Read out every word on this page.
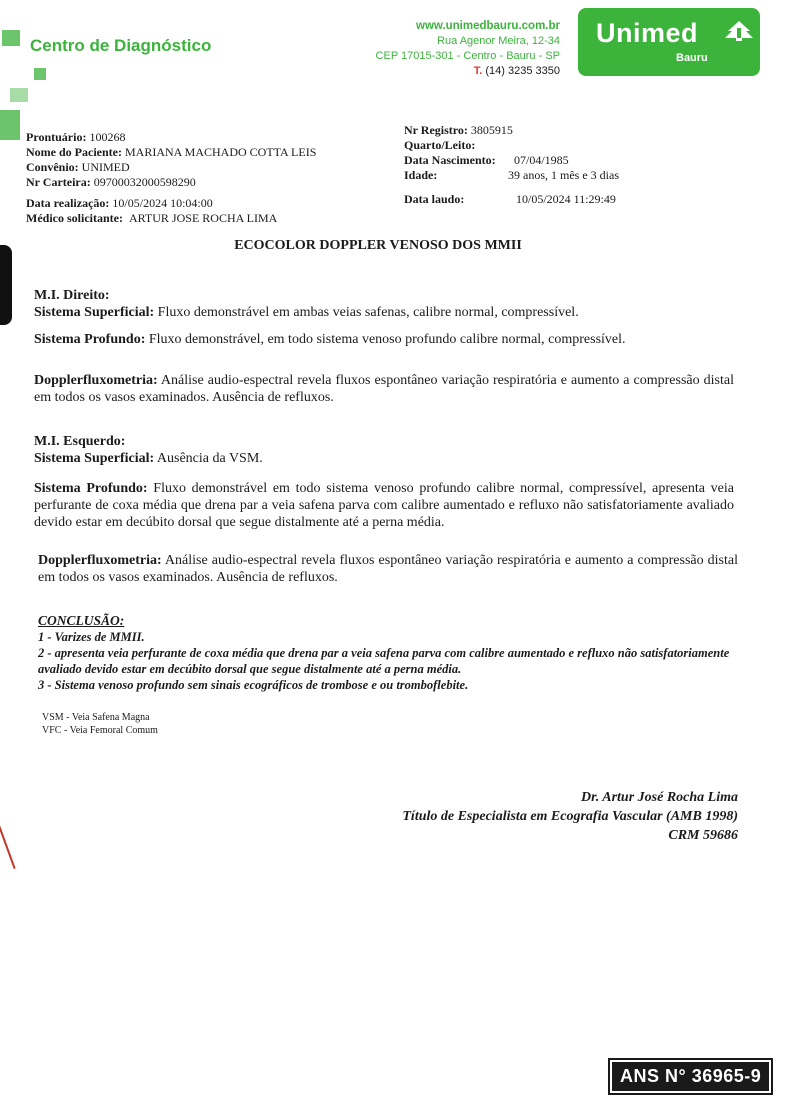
Centro de Diagnóstico
www.unimedbauru.com.br
Rua Agenor Meira, 12-34
CEP 17015-301 - Centro - Bauru - SP
T. (14) 3235 3350
Unimed
Bauru
Prontuário: 100268
Nome do Paciente: MARIANA MACHADO COTTA LEIS
Convênio: UNIMED
Nr Carteira: 09700032000598290
Data realização: 10/05/2024 10:04:00
Médico solicitante: ARTUR JOSE ROCHA LIMA
Nr Registro: 3805915
Quarto/Leito:
Data Nascimento: 07/04/1985
Idade:	39 anos, 1 mês e 3 dias
Data laudo:	10/05/2024 11:29:49
ECOCOLOR DOPPLER VENOSO DOS MMII
M.I. Direito:
Sistema Superficial: Fluxo demonstrável em ambas veias safenas, calibre normal, compressível.
Sistema Profundo: Fluxo demonstrável, em todo sistema venoso profundo calibre normal, compressível.
Dopplerfluxometria: Análise audio-espectral revela fluxos espontâneo variação respiratória e aumento a compressão distal em todos os vasos examinados. Ausência de refluxos.
M.I. Esquerdo:
Sistema Superficial: Ausência da VSM.
Sistema Profundo: Fluxo demonstrável em todo sistema venoso profundo calibre normal, compressível, apresenta veia perfurante de coxa média que drena par a veia safena parva com calibre aumentado e refluxo não satisfatoriamente avaliado devido estar em decúbito dorsal que segue distalmente até a perna média.
Dopplerfluxometria: Análise audio-espectral revela fluxos espontâneo variação respiratória e aumento a compressão distal em todos os vasos examinados. Ausência de refluxos.
CONCLUSÃO:
1 - Varizes de MMII.
2 - apresenta veia perfurante de coxa média que drena par a veia safena parva com calibre aumentado e refluxo não satisfatoriamente avaliado devido estar em decúbito dorsal que segue distalmente até a perna média.
3 - Sistema venoso profundo sem sinais ecográficos de trombose e ou tromboflebite.
VSM - Veia Safena Magna
VFC - Veia Femoral Comum
Dr. Artur José Rocha Lima
Título de Especialista em Ecografia Vascular (AMB 1998)
CRM 59686
ANS N° 36965-9
